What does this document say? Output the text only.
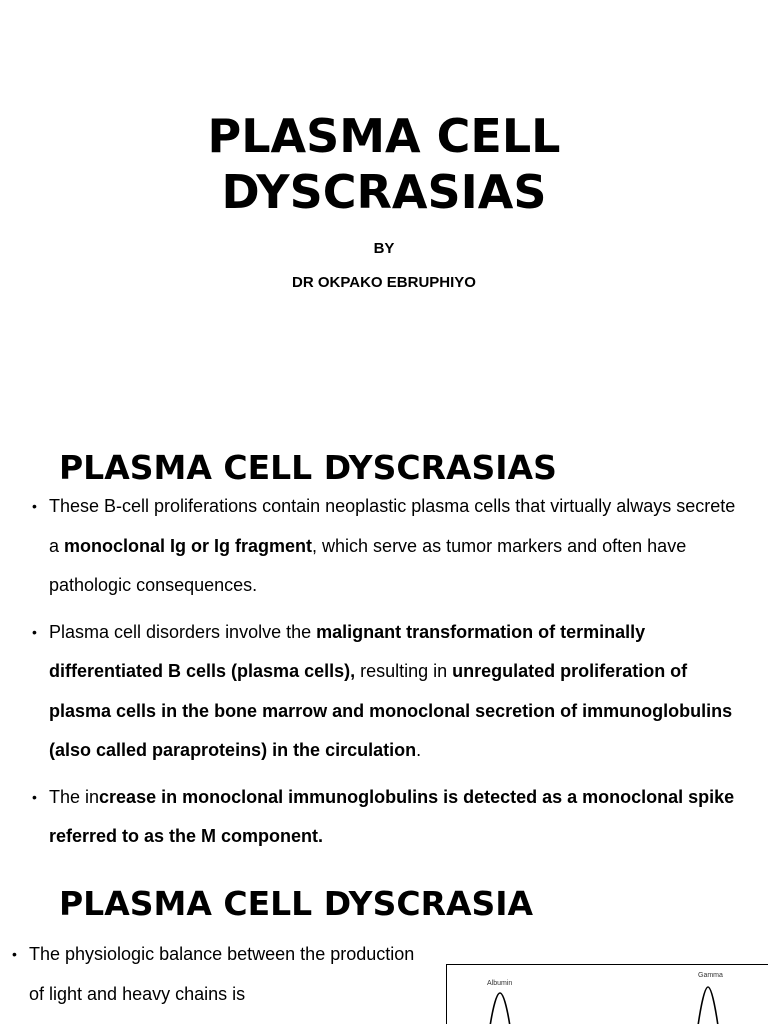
PLASMA CELL
DYSCRASIAS
BY
DR OKPAKO EBRUPHIYO
PLASMA CELL DYSCRASIAS
• These B-cell proliferations contain neoplastic plasma cells that virtually always secrete a monoclonal Ig or Ig fragment, which serve as tumor markers and often have pathologic consequences.
• Plasma cell disorders involve the malignant transformation of terminally differentiated B cells (plasma cells), resulting in unregulated proliferation of plasma cells in the bone marrow and monoclonal secretion of immunoglobulins (also called paraproteins) in the circulation.
• The increase in monoclonal immunoglobulins is detected as a monoclonal spike referred to as the M component.
PLASMA CELL DYSCRASIA
• The physiologic balance between the production of light and heavy chains is	Albumin
Gamma
